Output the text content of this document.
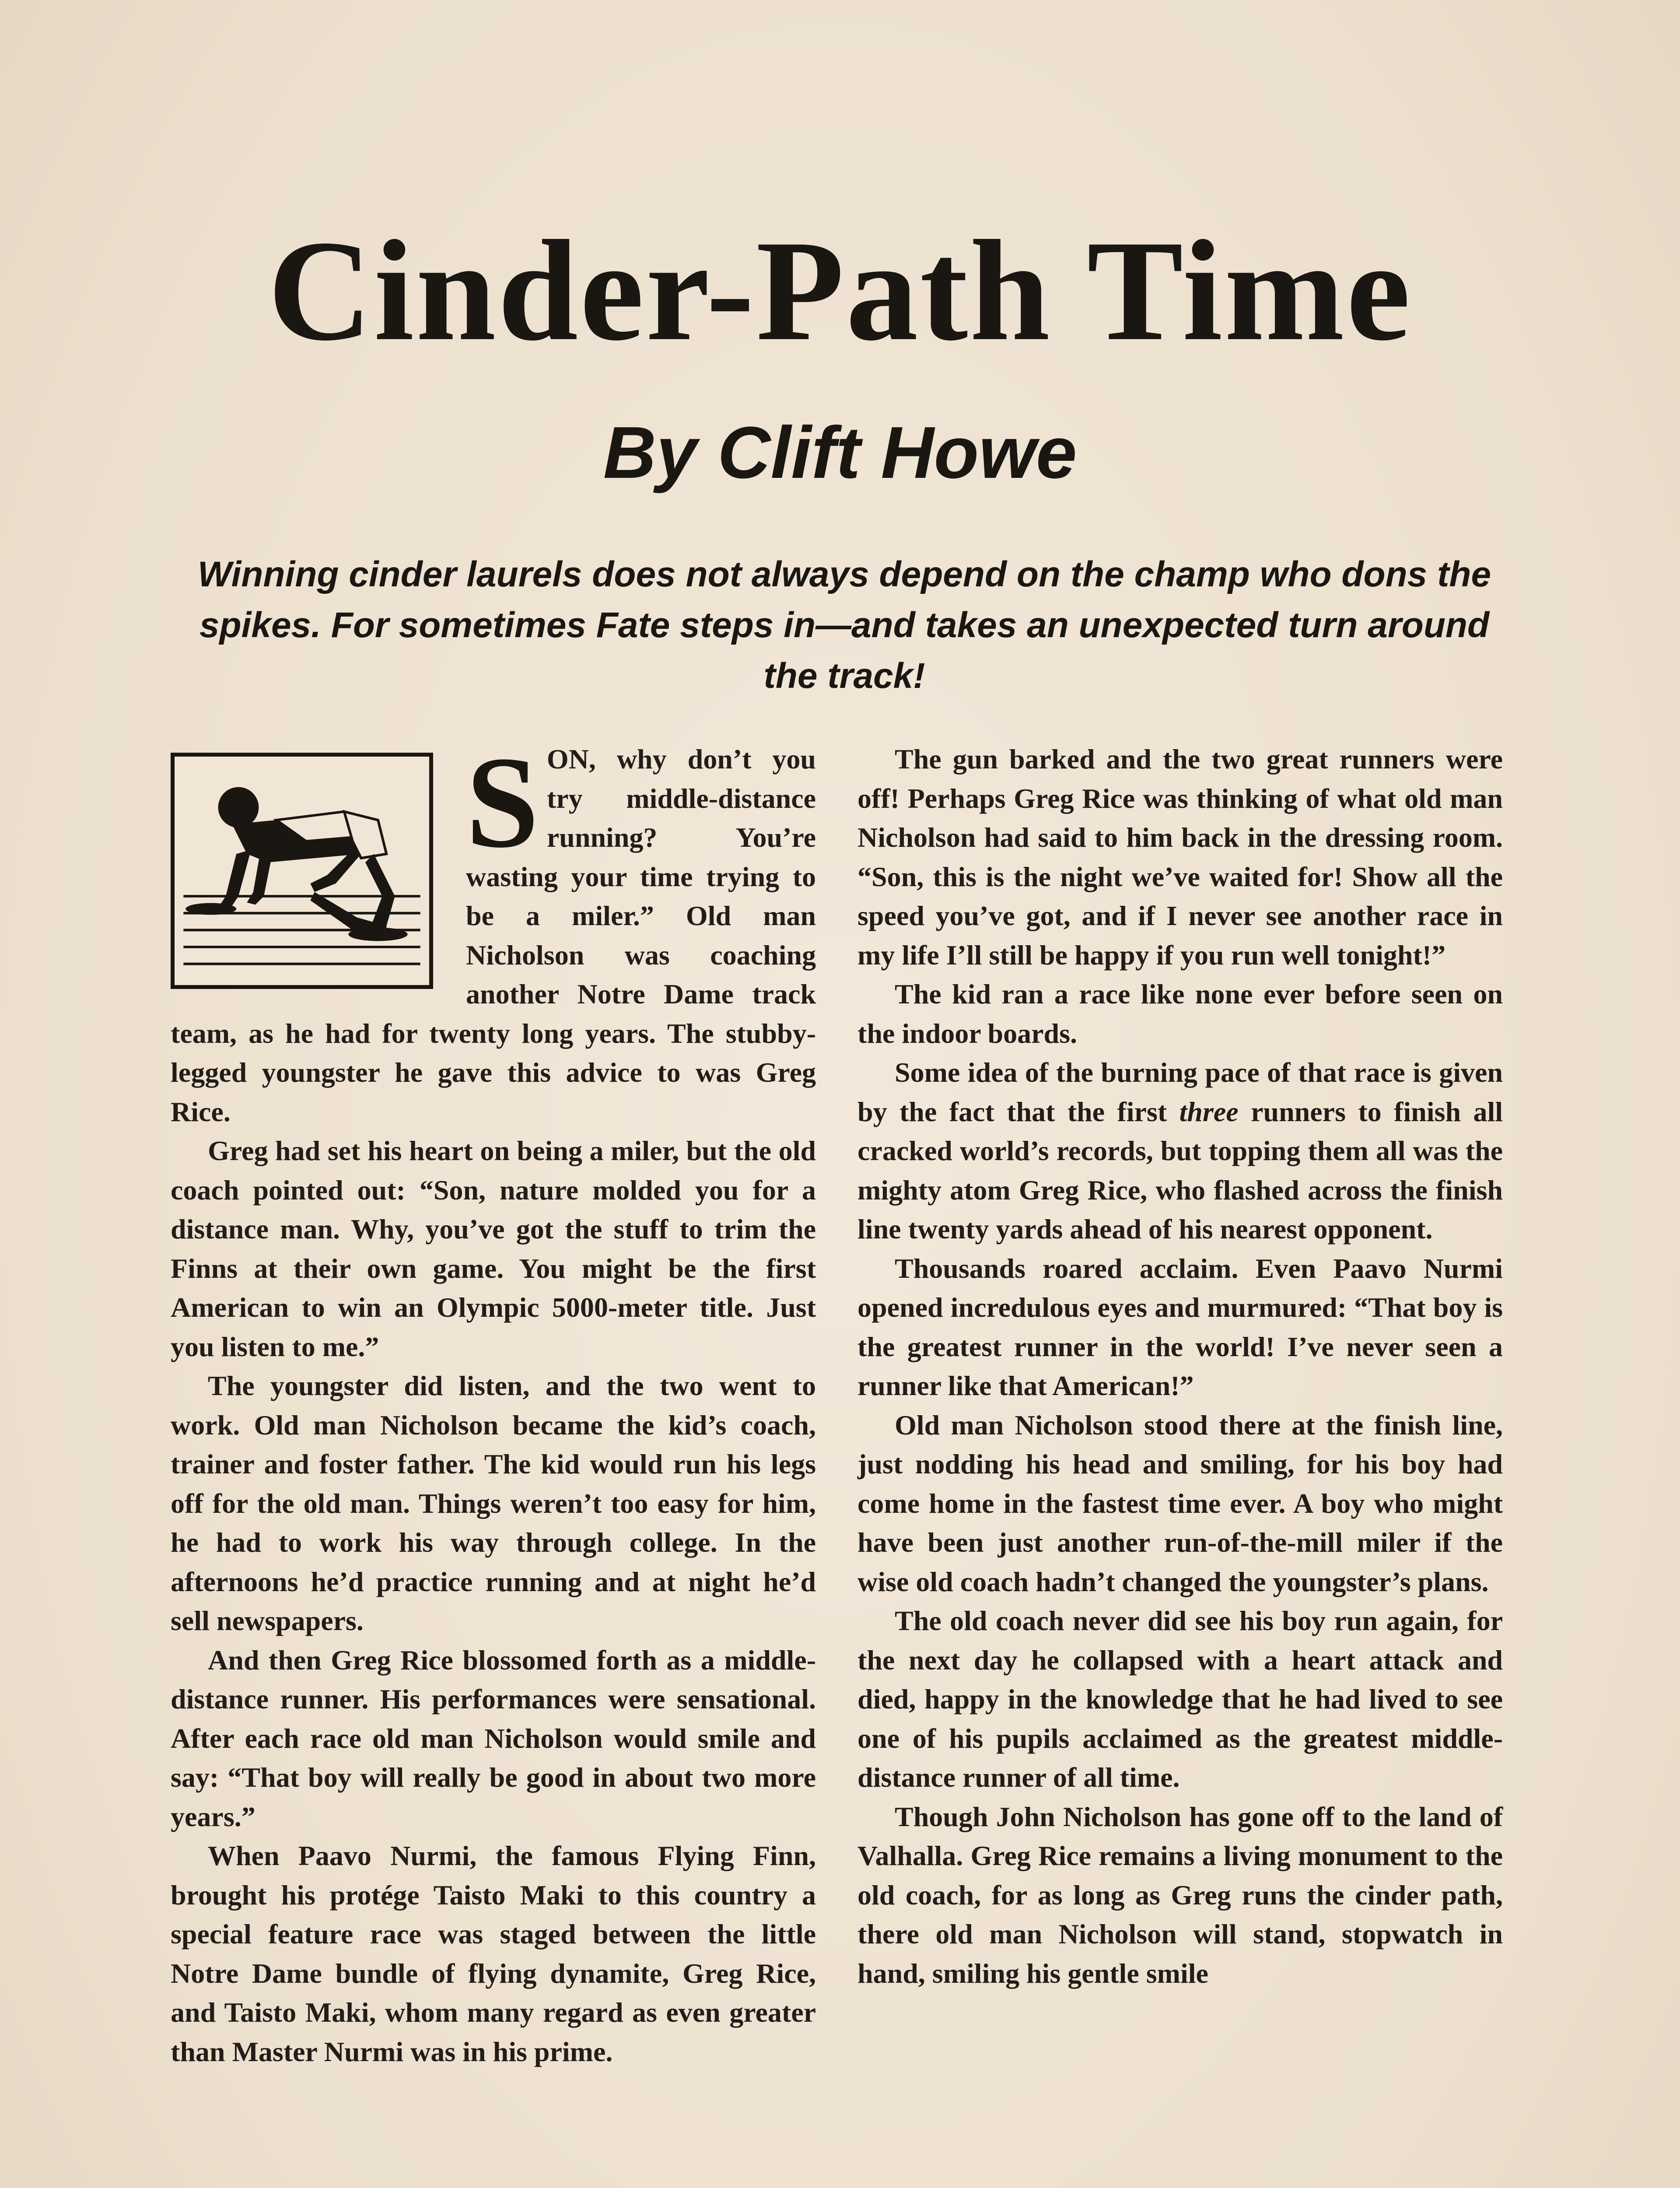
Cinder-Path Time
By Clift Howe
Winning cinder laurels does not always depend on the champ who dons the spikes. For sometimes Fate steps in—and takes an unexpected turn around the track!
S ON, why don’t you try middle-distance running? You’re wasting your time trying to be a miler.” Old man Nicholson was coaching another Notre Dame track team, as he had for twenty long years. The stubby-legged youngster he gave this advice to was Greg Rice.

Greg had set his heart on being a miler, but the old coach pointed out: “Son, nature molded you for a distance man. Why, you’ve got the stuff to trim the Finns at their own game. You might be the first American to win an Olympic 5000-meter title. Just you listen to me.”

The youngster did listen, and the two went to work. Old man Nicholson became the kid’s coach, trainer and foster father. The kid would run his legs off for the old man. Things weren’t too easy for him, he had to work his way through college. In the afternoons he’d practice running and at night he’d sell newspapers.

And then Greg Rice blossomed forth as a middle-distance runner. His performances were sensational. After each race old man Nicholson would smile and say: “That boy will really be good in about two more years.”

When Paavo Nurmi, the famous Flying Finn, brought his protége Taisto Maki to this country a special feature race was staged between the little Notre Dame bundle of flying dynamite, Greg Rice, and Taisto Maki, whom many regard as even greater than Master Nurmi was in his prime.

The gun barked and the two great runners were off! Perhaps Greg Rice was thinking of what old man Nicholson had said to him back in the dressing room. “Son, this is the night we’ve waited for! Show all the speed you’ve got, and if I never see another race in my life I’ll still be happy if you run well tonight!”

The kid ran a race like none ever before seen on the indoor boards.

Some idea of the burning pace of that race is given by the fact that the first three runners to finish all cracked world’s records, but topping them all was the mighty atom Greg Rice, who flashed across the finish line twenty yards ahead of his nearest opponent.

Thousands roared acclaim. Even Paavo Nurmi opened incredulous eyes and murmured: “That boy is the greatest runner in the world! I’ve never seen a runner like that American!”

Old man Nicholson stood there at the finish line, just nodding his head and smiling, for his boy had come home in the fastest time ever. A boy who might have been just another run-of-the-mill miler if the wise old coach hadn’t changed the youngster’s plans.

The old coach never did see his boy run again, for the next day he collapsed with a heart attack and died, happy in the knowledge that he had lived to see one of his pupils acclaimed as the greatest middle-distance runner of all time.

Though John Nicholson has gone off to the land of Valhalla. Greg Rice remains a living monument to the old coach, for as long as Greg runs the cinder path, there old man Nicholson will stand, stopwatch in hand, smiling his gentle smile
